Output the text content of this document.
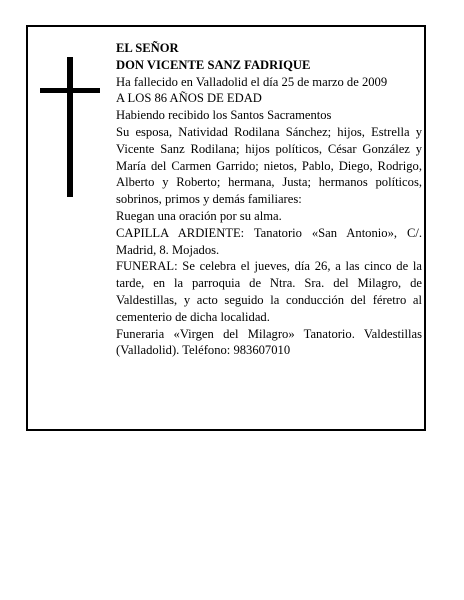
EL SEÑOR

DON VICENTE SANZ FADRIQUE

Ha fallecido en Valladolid el día 25 de marzo de 2009

A LOS 86 AÑOS DE EDAD

Habiendo recibido los Santos Sacramentos

Su esposa, Natividad Rodilana Sánchez; hijos, Estrella y Vicente Sanz Rodilana; hijos políticos, César González y María del Carmen Garrido; nietos, Pablo, Diego, Rodrigo, Alberto y Roberto; hermana, Justa; hermanos políticos, sobrinos, primos y demás familiares:

Ruegan una oración por su alma.

CAPILLA ARDIENTE: Tanatorio «San Antonio», C/. Madrid, 8. Mojados.

FUNERAL: Se celebra el jueves, día 26, a las cinco de la tarde, en la parroquia de Ntra. Sra. del Milagro, de Valdestillas, y acto seguido la conducción del féretro al cementerio de dicha localidad.

Funeraria «Virgen del Milagro» Tanatorio. Valdestillas (Valladolid). Teléfono: 983607010
